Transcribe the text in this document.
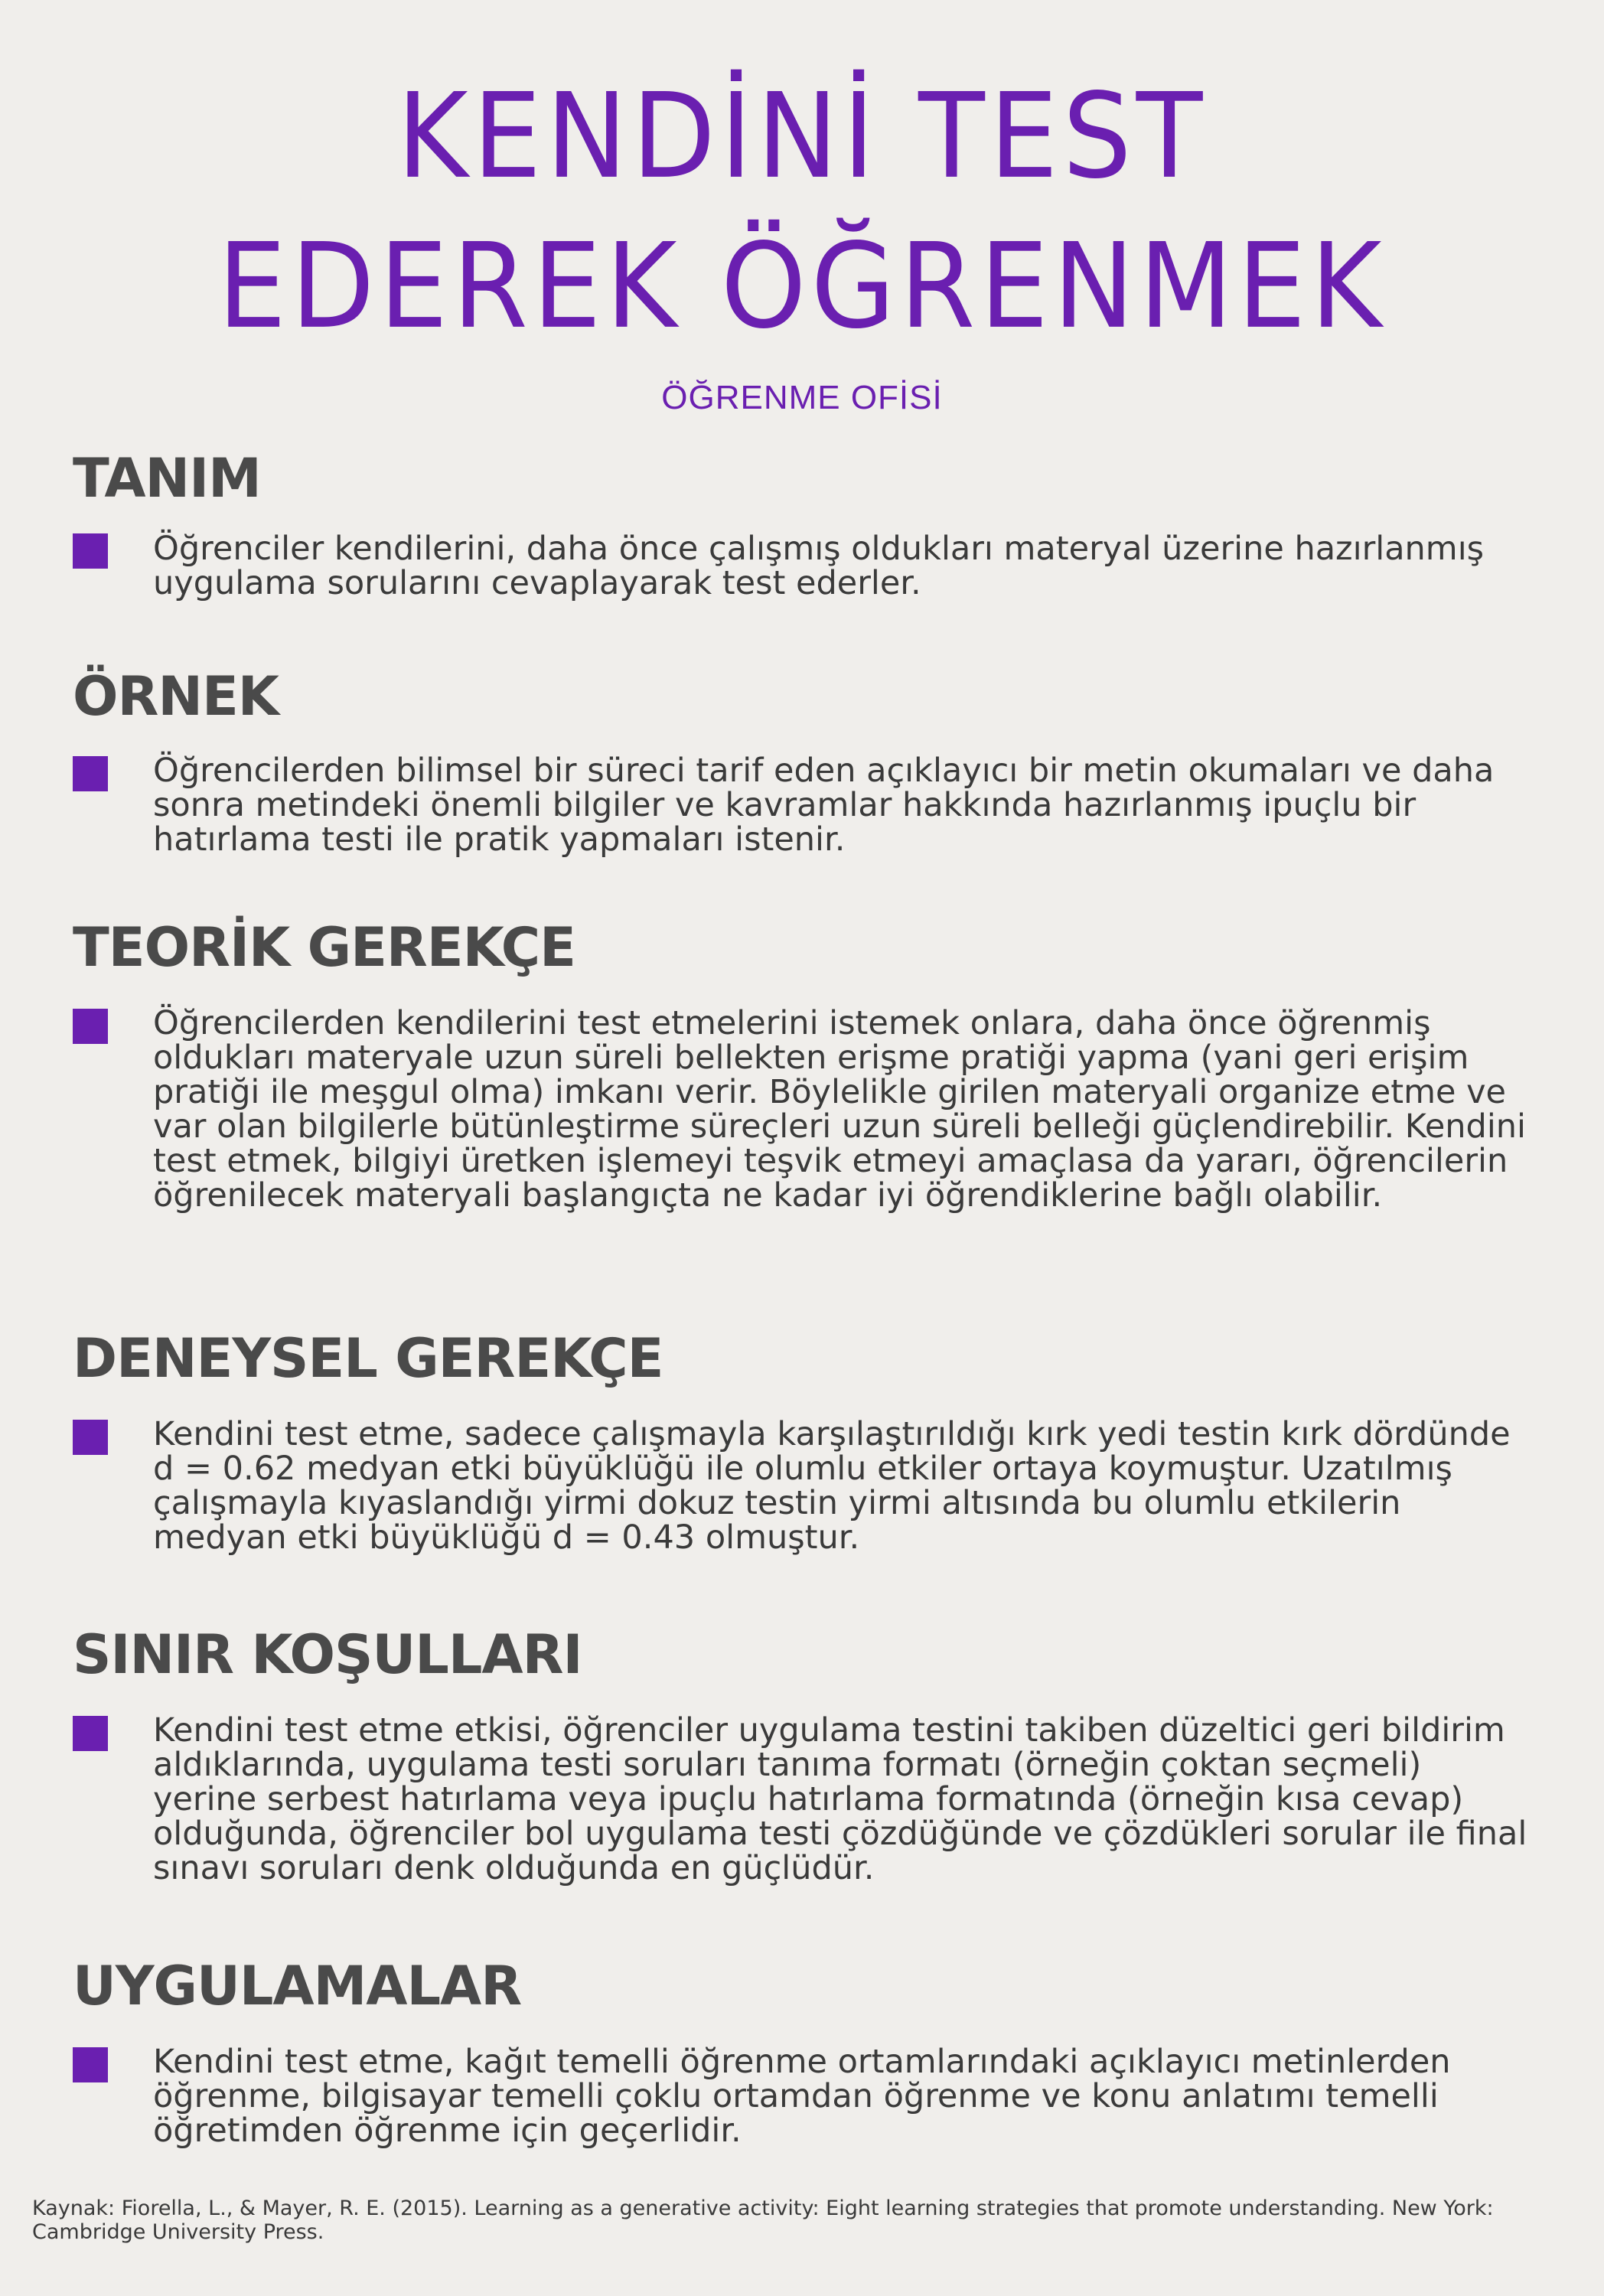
KENDİNİ TEST
EDEREK ÖĞRENMEK

ÖĞRENME OFİSİ

TANIM

Öğrenciler kendilerini, daha önce çalışmış oldukları materyal üzerine hazırlanmış uygulama sorularını cevaplayarak test ederler.

ÖRNEK

Öğrencilerden bilimsel bir süreci tarif eden açıklayıcı bir metin okumaları ve daha sonra metindeki önemli bilgiler ve kavramlar hakkında hazırlanmış ipuçlu bir hatırlama testi ile pratik yapmaları istenir.

TEORİK GEREKÇE

Öğrencilerden kendilerini test etmelerini istemek onlara, daha önce öğrenmiş oldukları materyale uzun süreli bellekten erişme pratiği yapma (yani geri erişim pratiği ile meşgul olma) imkanı verir. Böylelikle girilen materyali organize etme ve var olan bilgilerle bütünleştirme süreçleri uzun süreli belleği güçlendirebilir. Kendini test etmek, bilgiyi üretken işlemeyi teşvik etmeyi amaçlasa da yararı, öğrencilerin öğrenilecek materyali başlangıçta ne kadar iyi öğrendiklerine bağlı olabilir.

DENEYSEL GEREKÇE

Kendini test etme, sadece çalışmayla karşılaştırıldığı kırk yedi testin kırk dördünde d = 0.62 medyan etki büyüklüğü ile olumlu etkiler ortaya koymuştur. Uzatılmış çalışmayla kıyaslandığı yirmi dokuz testin yirmi altısında bu olumlu etkilerin medyan etki büyüklüğü d = 0.43 olmuştur.

SINIR KOŞULLARI

Kendini test etme etkisi, öğrenciler uygulama testini takiben düzeltici geri bildirim aldıklarında, uygulama testi soruları tanıma formatı (örneğin çoktan seçmeli) yerine serbest hatırlama veya ipuçlu hatırlama formatında (örneğin kısa cevap) olduğunda, öğrenciler bol uygulama testi çözdüğünde ve çözdükleri sorular ile final sınavı soruları denk olduğunda en güçlüdür.

UYGULAMALAR

Kendini test etme, kağıt temelli öğrenme ortamlarındaki açıklayıcı metinlerden öğrenme, bilgisayar temelli çoklu ortamdan öğrenme ve konu anlatımı temelli öğretimden öğrenme için geçerlidir.

Kaynak: Fiorella, L., & Mayer, R. E. (2015). Learning as a generative activity: Eight learning strategies that promote understanding. New York: Cambridge University Press.
